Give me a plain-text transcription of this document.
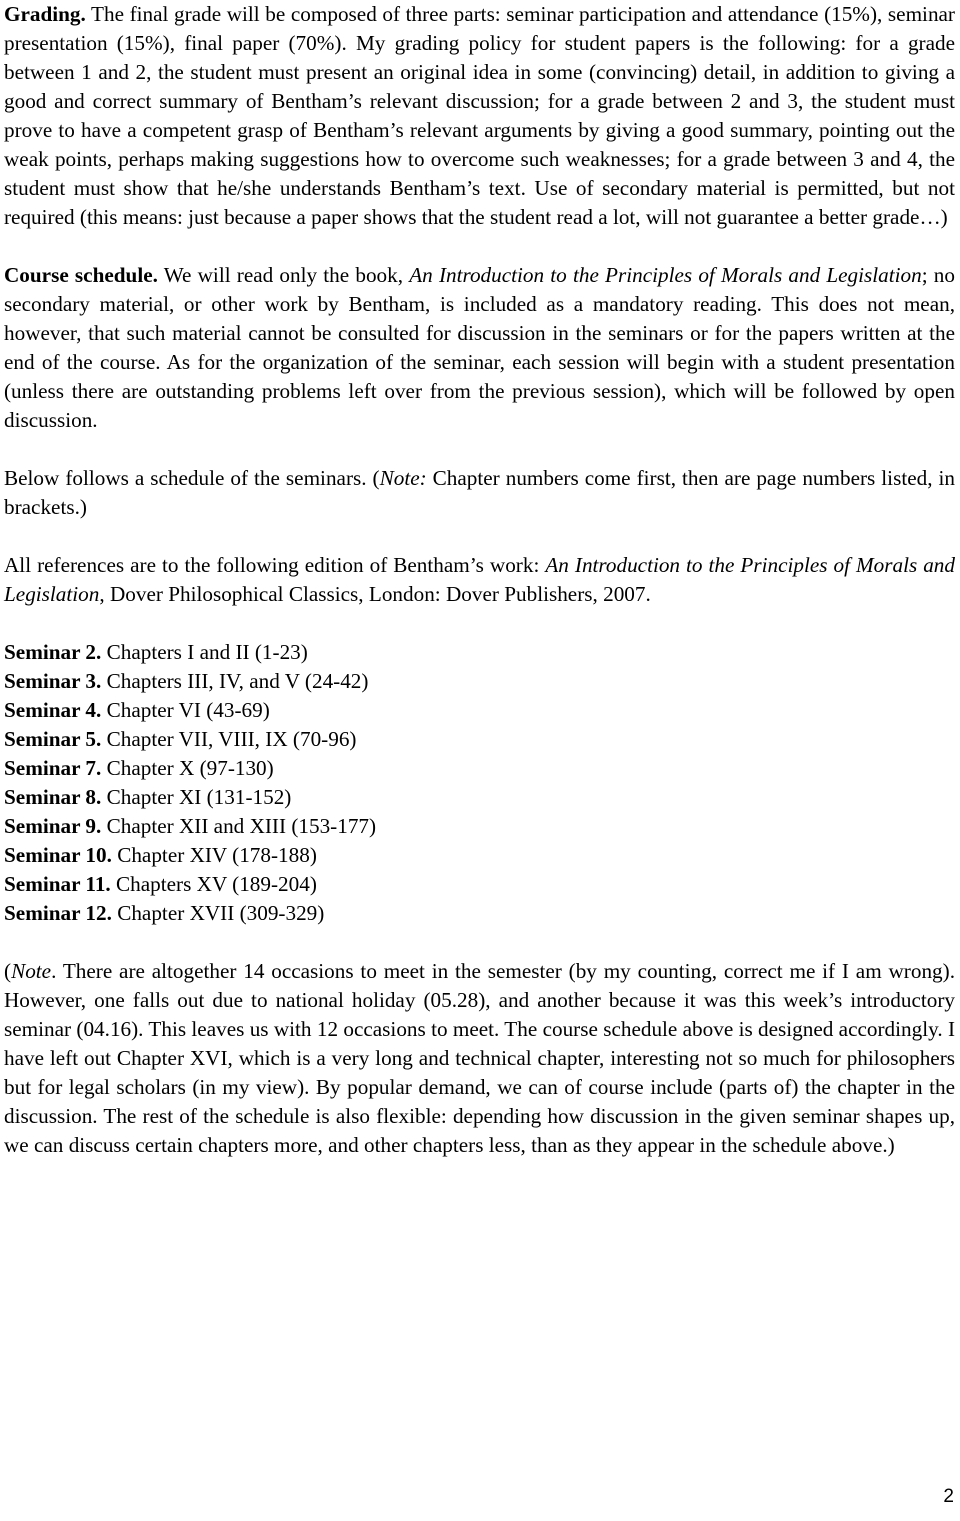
Grading. The final grade will be composed of three parts: seminar participation and attendance (15%), seminar presentation (15%), final paper (70%). My grading policy for student papers is the following: for a grade between 1 and 2, the student must present an original idea in some (convincing) detail, in addition to giving a good and correct summary of Bentham’s relevant discussion; for a grade between 2 and 3, the student must prove to have a competent grasp of Bentham’s relevant arguments by giving a good summary, pointing out the weak points, perhaps making suggestions how to overcome such weaknesses; for a grade between 3 and 4, the student must show that he/she understands Bentham’s text. Use of secondary material is permitted, but not required (this means: just because a paper shows that the student read a lot, will not guarantee a better grade…)

Course schedule. We will read only the book, An Introduction to the Principles of Morals and Legislation; no secondary material, or other work by Bentham, is included as a mandatory reading. This does not mean, however, that such material cannot be consulted for discussion in the seminars or for the papers written at the end of the course. As for the organization of the seminar, each session will begin with a student presentation (unless there are outstanding problems left over from the previous session), which will be followed by open discussion.

Below follows a schedule of the seminars. (Note: Chapter numbers come first, then are page numbers listed, in brackets.)

All references are to the following edition of Bentham’s work: An Introduction to the Principles of Morals and Legislation, Dover Philosophical Classics, London: Dover Publishers, 2007.

Seminar 2. Chapters I and II (1-23)
Seminar 3. Chapters III, IV, and V (24-42)
Seminar 4. Chapter VI (43-69)
Seminar 5. Chapter VII, VIII, IX (70-96)
Seminar 7. Chapter X (97-130)
Seminar 8. Chapter XI (131-152)
Seminar 9. Chapter XII and XIII (153-177)
Seminar 10. Chapter XIV (178-188)
Seminar 11. Chapters XV (189-204)
Seminar 12. Chapter XVII (309-329)

(Note. There are altogether 14 occasions to meet in the semester (by my counting, correct me if I am wrong). However, one falls out due to national holiday (05.28), and another because it was this week’s introductory seminar (04.16). This leaves us with 12 occasions to meet. The course schedule above is designed accordingly. I have left out Chapter XVI, which is a very long and technical chapter, interesting not so much for philosophers but for legal scholars (in my view). By popular demand, we can of course include (parts of) the chapter in the discussion. The rest of the schedule is also flexible: depending how discussion in the given seminar shapes up, we can discuss certain chapters more, and other chapters less, than as they appear in the schedule above.)

2
